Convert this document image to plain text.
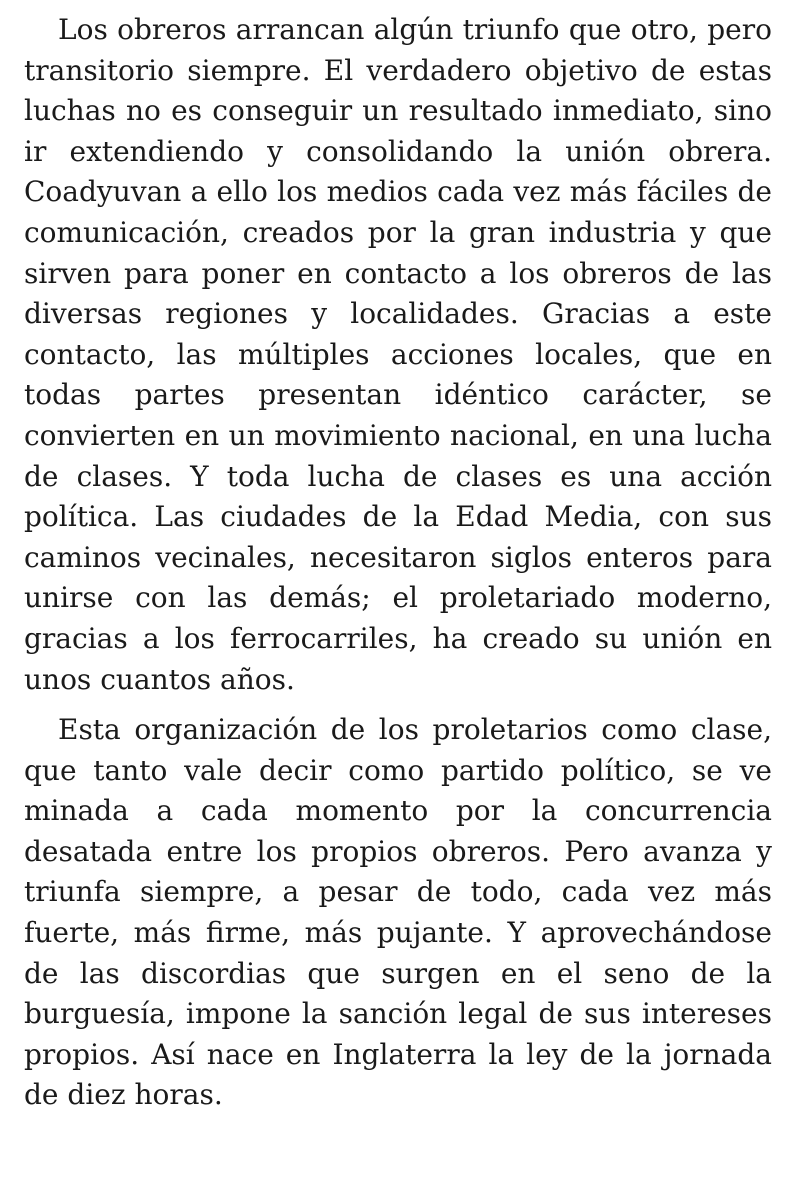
Los obreros arrancan algún triunfo que otro, pero transitorio siempre. El verdadero objetivo de estas luchas no es conseguir un resultado inmediato, sino ir extendiendo y consolidando la unión obrera. Coadyuvan a ello los medios cada vez más fáciles de comunicación, creados por la gran industria y que sirven para poner en contacto a los obreros de las diversas regiones y localidades. Gracias a este contacto, las múltiples acciones locales, que en todas partes presentan idéntico carácter, se convierten en un movimiento nacional, en una lucha de clases. Y toda lucha de clases es una acción política. Las ciudades de la Edad Media, con sus caminos vecinales, necesitaron siglos enteros para unirse con las demás; el proletariado moderno, gracias a los ferrocarriles, ha creado su unión en unos cuantos años.

Esta organización de los proletarios como clase, que tanto vale decir como partido político, se ve minada a cada momento por la concurrencia desatada entre los propios obreros. Pero avanza y triunfa siempre, a pesar de todo, cada vez más fuerte, más firme, más pujante. Y aprovechándose de las discordias que surgen en el seno de la burguesía, impone la sanción legal de sus intereses propios. Así nace en Inglaterra la ley de la jornada de diez horas.
